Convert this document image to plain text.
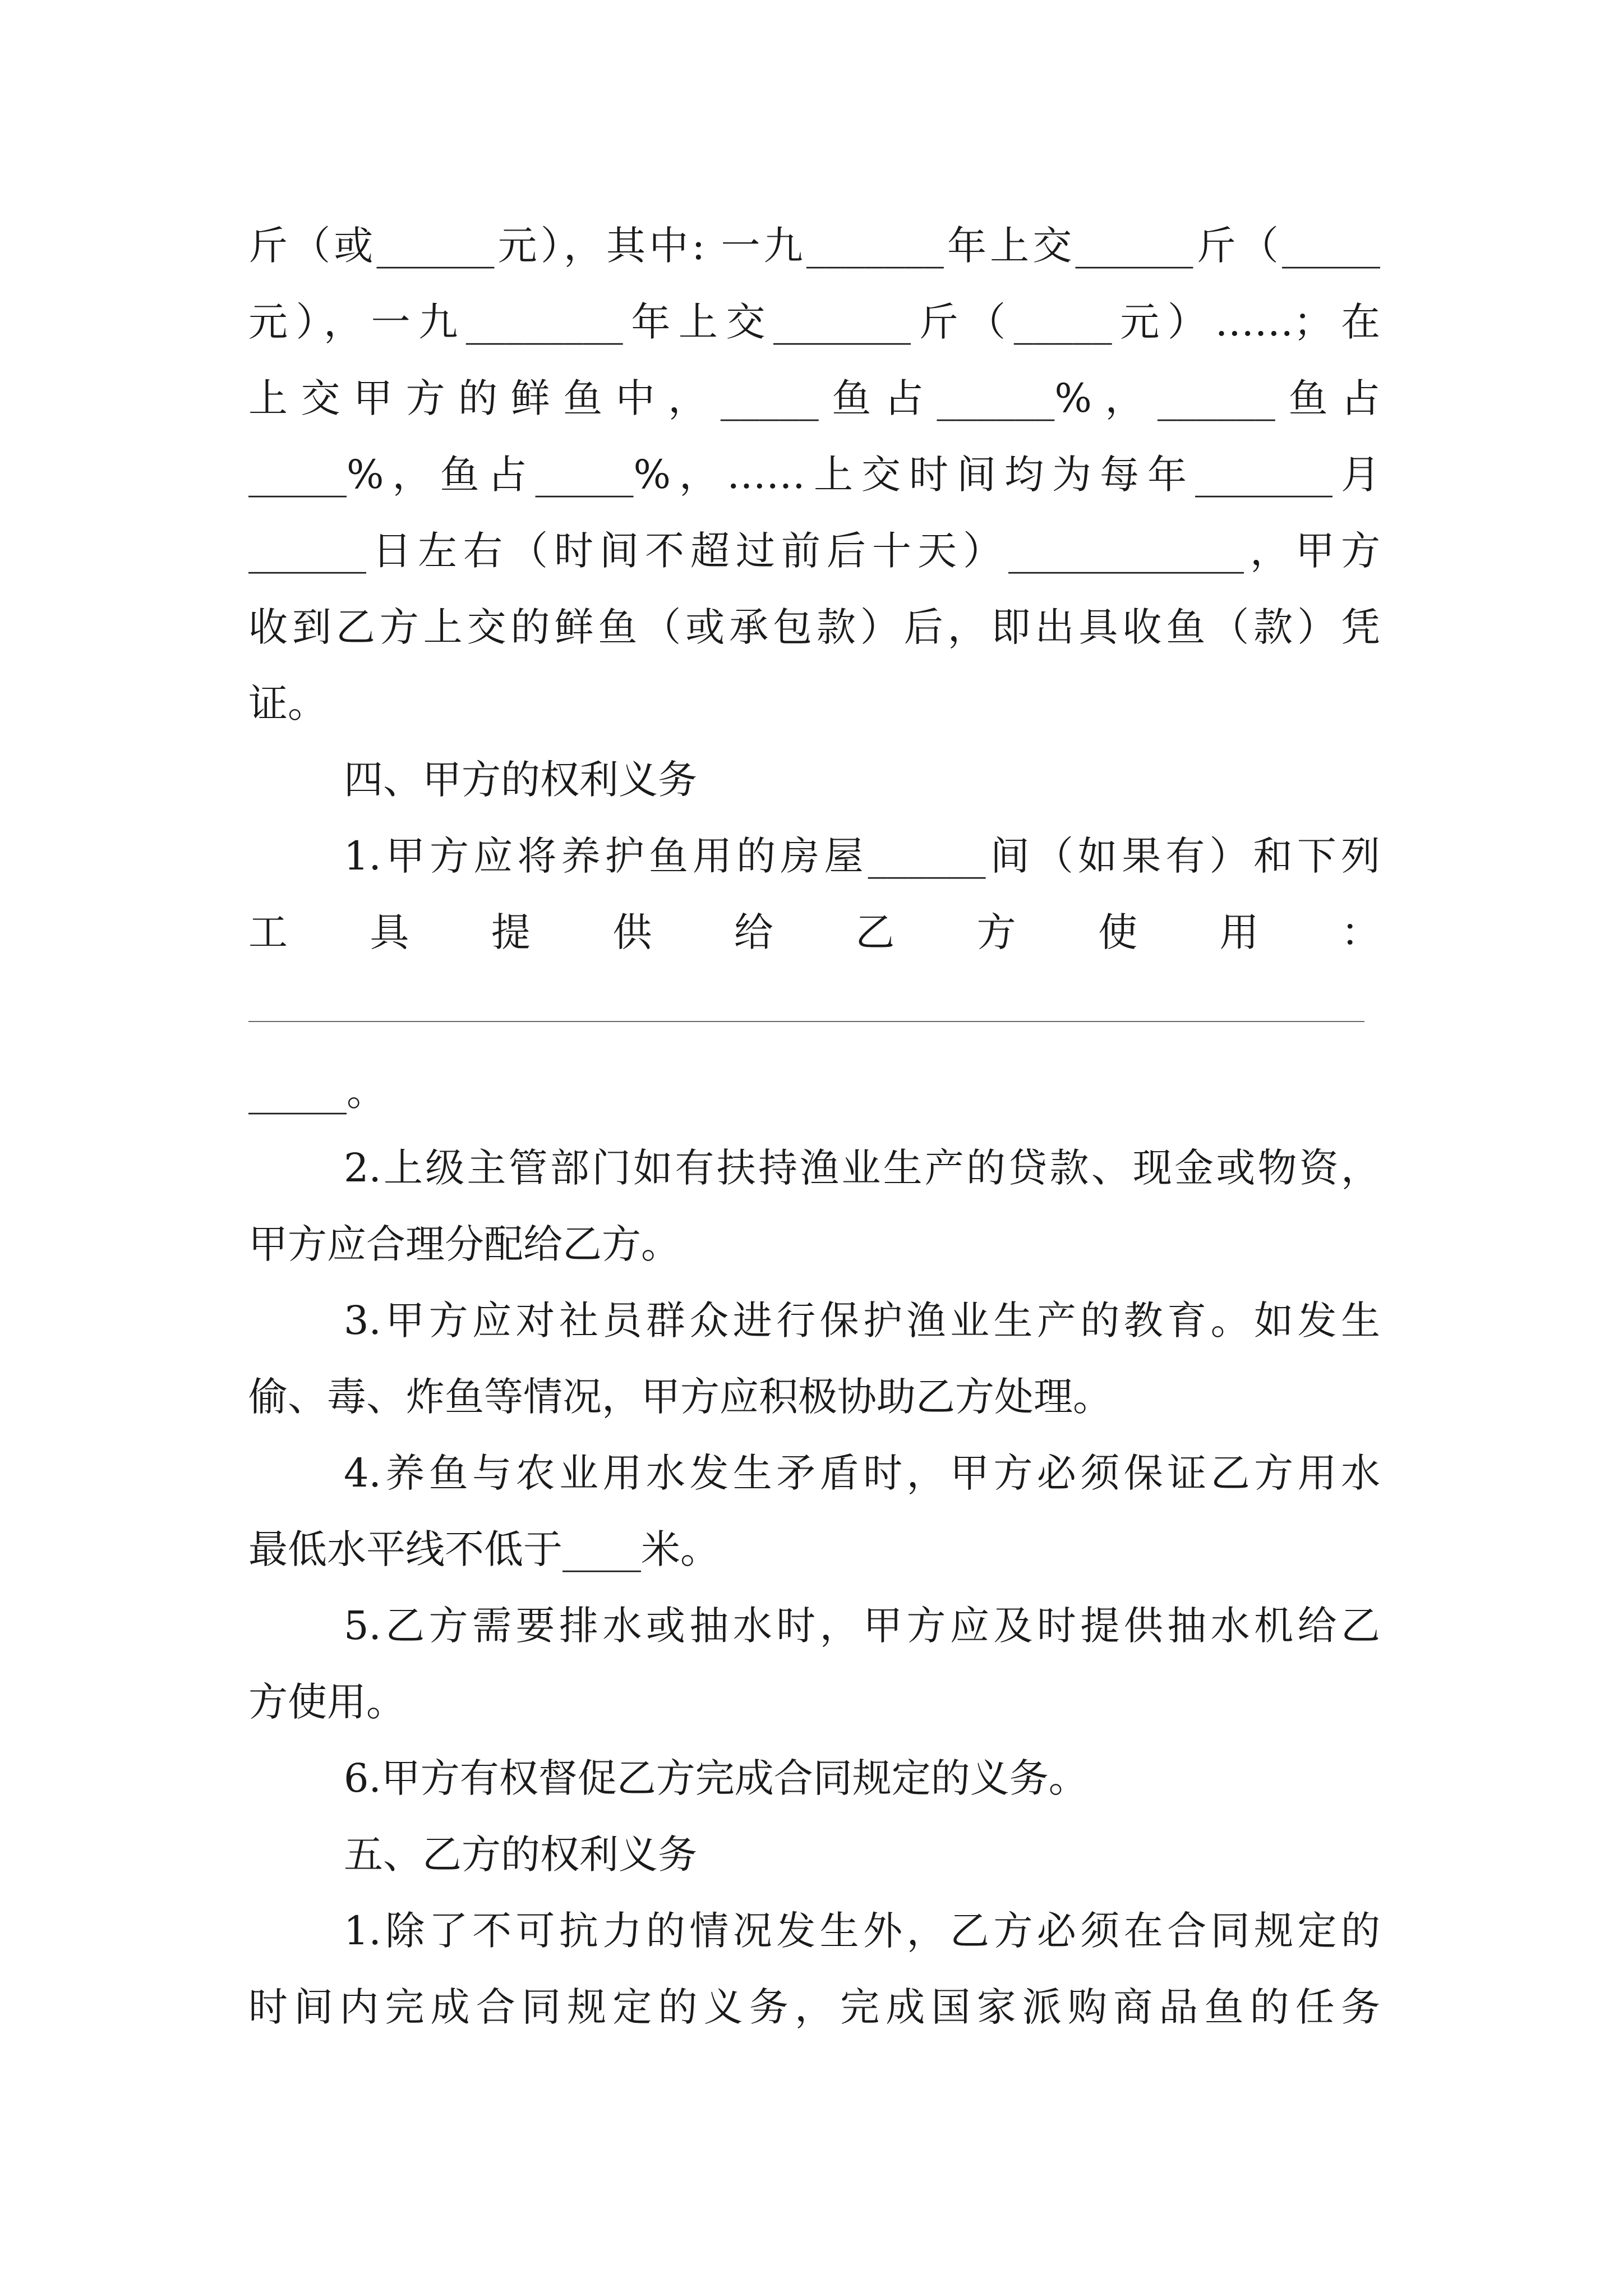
斤（或______元），其中: 一九_______年上交______斤（_____
元），一九________年上交_______斤（_____元）……；在
上交甲方的鲜鱼中，_____鱼占______%，______鱼占
_____%，鱼占_____%，……上交时间均为每年_______月
______日左右（时间不超过前后十天）____________，甲方
收到乙方上交的鲜鱼（或承包款）后，即出具收鱼（款）凭
证。
四、甲方的权利义务
1.甲方应将养护鱼用的房屋______间（如果有）和下列
工具提供给乙方使用：
_____。
2.上级主管部门如有扶持渔业生产的贷款、现金或物资，
甲方应合理分配给乙方。
3.甲方应对社员群众进行保护渔业生产的教育。如发生
偷、毒、炸鱼等情况，甲方应积极协助乙方处理。
4.养鱼与农业用水发生矛盾时，甲方必须保证乙方用水
最低水平线不低于____米。
5.乙方需要排水或抽水时，甲方应及时提供抽水机给乙
方使用。
6.甲方有权督促乙方完成合同规定的义务。
五、乙方的权利义务
1.除了不可抗力的情况发生外，乙方必须在合同规定的
时间内完成合同规定的义务，完成国家派购商品鱼的任务
